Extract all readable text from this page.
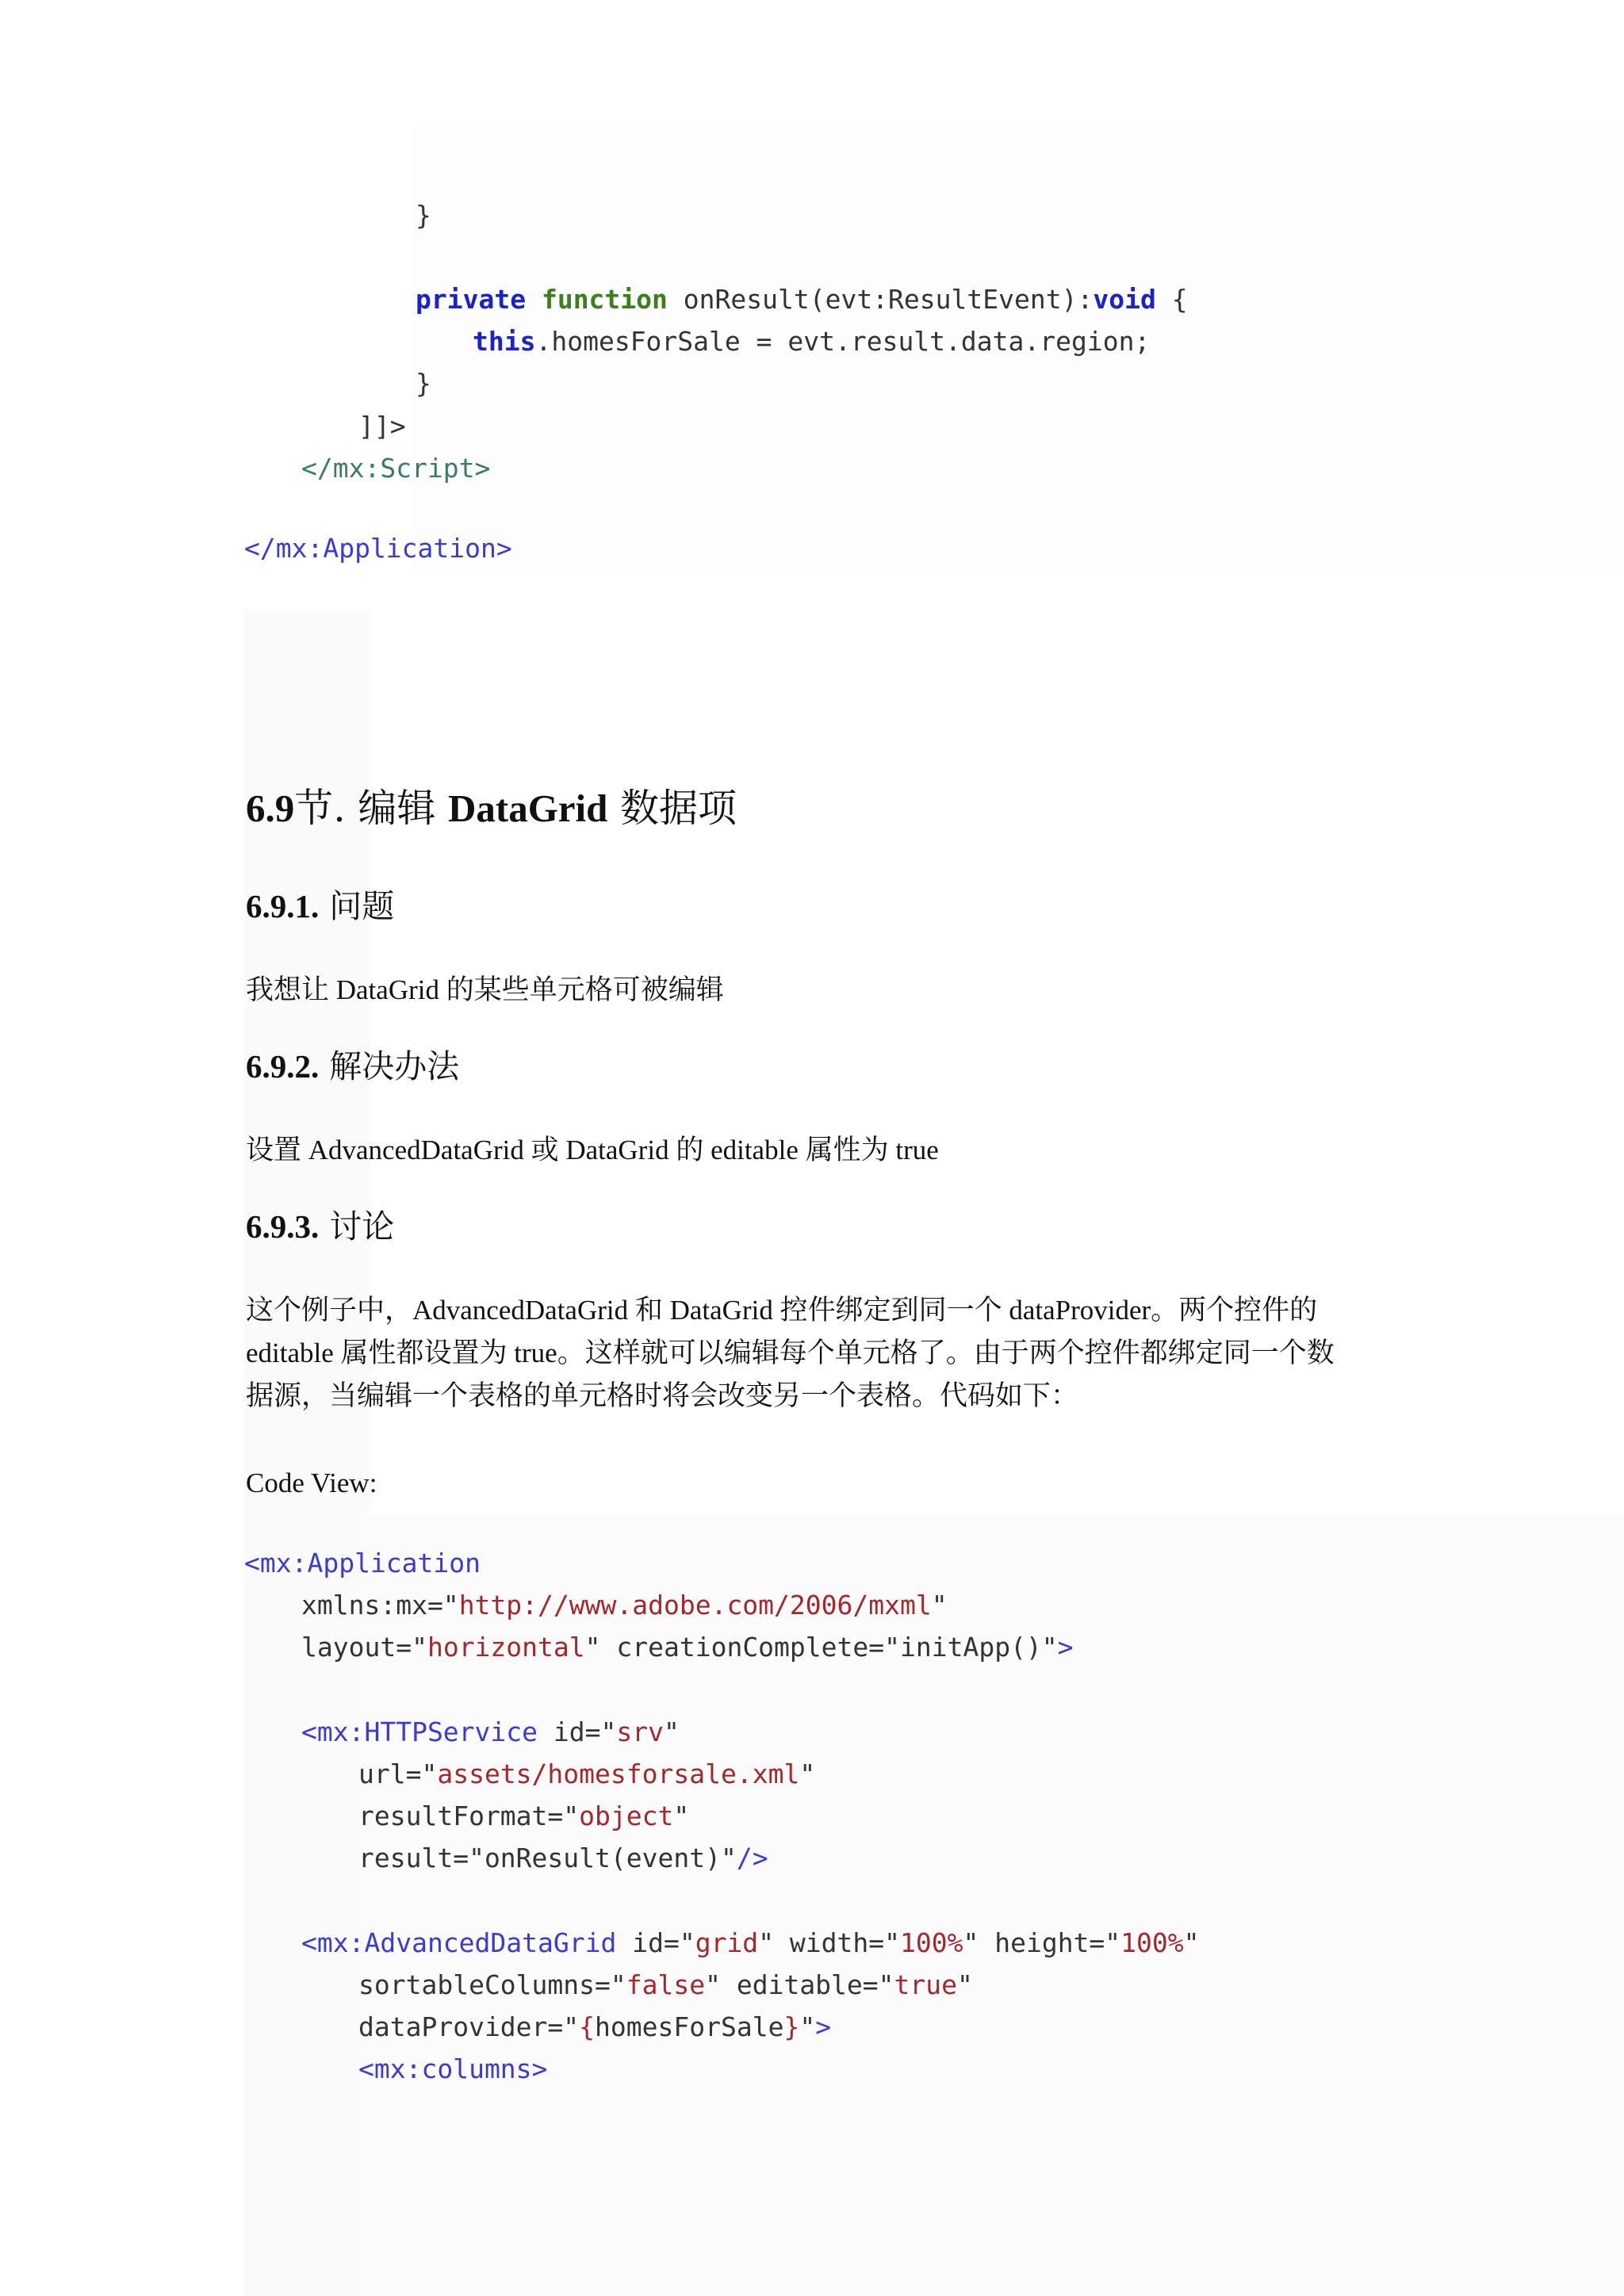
}

private function onResult(evt:ResultEvent):void {

this.homesForSale = evt.result.data.region;

}

]]>

</mx:Script>

</mx:Application>

6.9节. 编辑 DataGrid 数据项
6.9.1. 问题

我想让 DataGrid 的某些单元格可被编辑

6.9.2. 解决办法

设置 AdvancedDataGrid 或 DataGrid 的 editable 属性为 true

6.9.3. 讨论

这个例子中，AdvancedDataGrid 和 DataGrid 控件绑定到同一个 dataProvider。两个控件的

editable 属性都设置为 true。这样就可以编辑每个单元格了。由于两个控件都绑定同一个数

据源，当编辑一个表格的单元格时将会改变另一个表格。代码如下：

Code View:

<mx:Application

xmlns:mx="http://www.adobe.com/2006/mxml"

layout="horizontal" creationComplete="initApp()">

<mx:HTTPService id="srv"

url="assets/homesforsale.xml"

resultFormat="object"

result="onResult(event)"/>

<mx:AdvancedDataGrid id="grid" width="100%" height="100%"

sortableColumns="false" editable="true"

dataProvider="{homesForSale}">

<mx:columns>
